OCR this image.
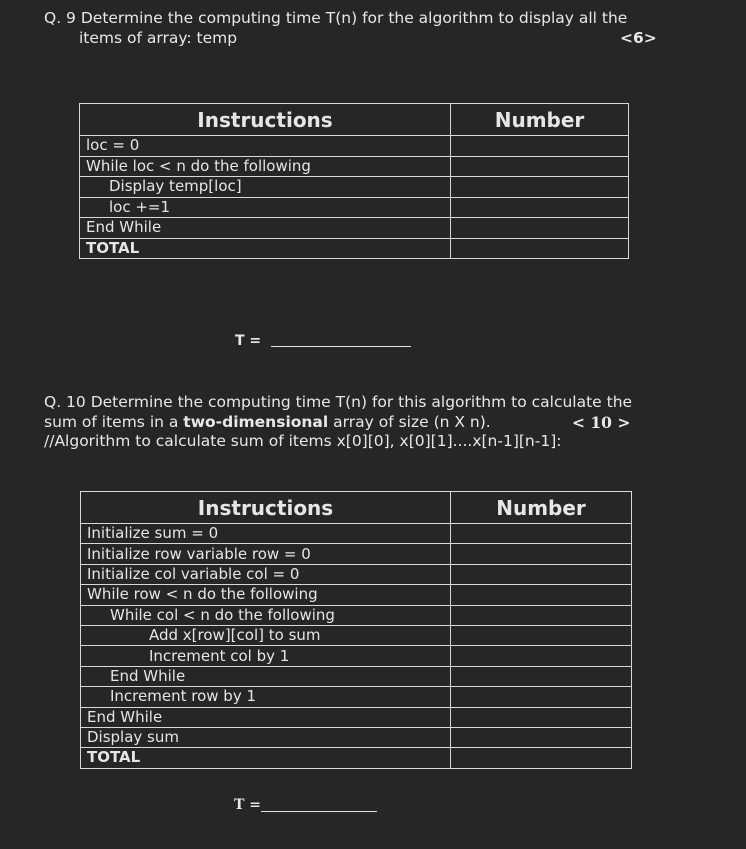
Q. 9 Determine the computing time T(n) for the algorithm to display all the
items of array: temp	<6>
Instructions	Number
loc = 0	
While loc < n do the following	
Display temp[loc]	
loc +=1	
End While	
TOTAL	
T =
Q. 10 Determine the computing time T(n) for this algorithm to calculate the
sum of items in a two-dimensional array of size (n X n).	< 10 >
//Algorithm to calculate sum of items x[0][0], x[0][1]....x[n-1][n-1]:
Instructions	Number
Initialize sum = 0	
Initialize row variable row = 0	
Initialize col variable col = 0	
While row < n do the following	
While col < n do the following	
Add x[row][col] to sum	
Increment col by 1	
End While	
Increment row by 1	
End While	
Display sum	
TOTAL	
T =
